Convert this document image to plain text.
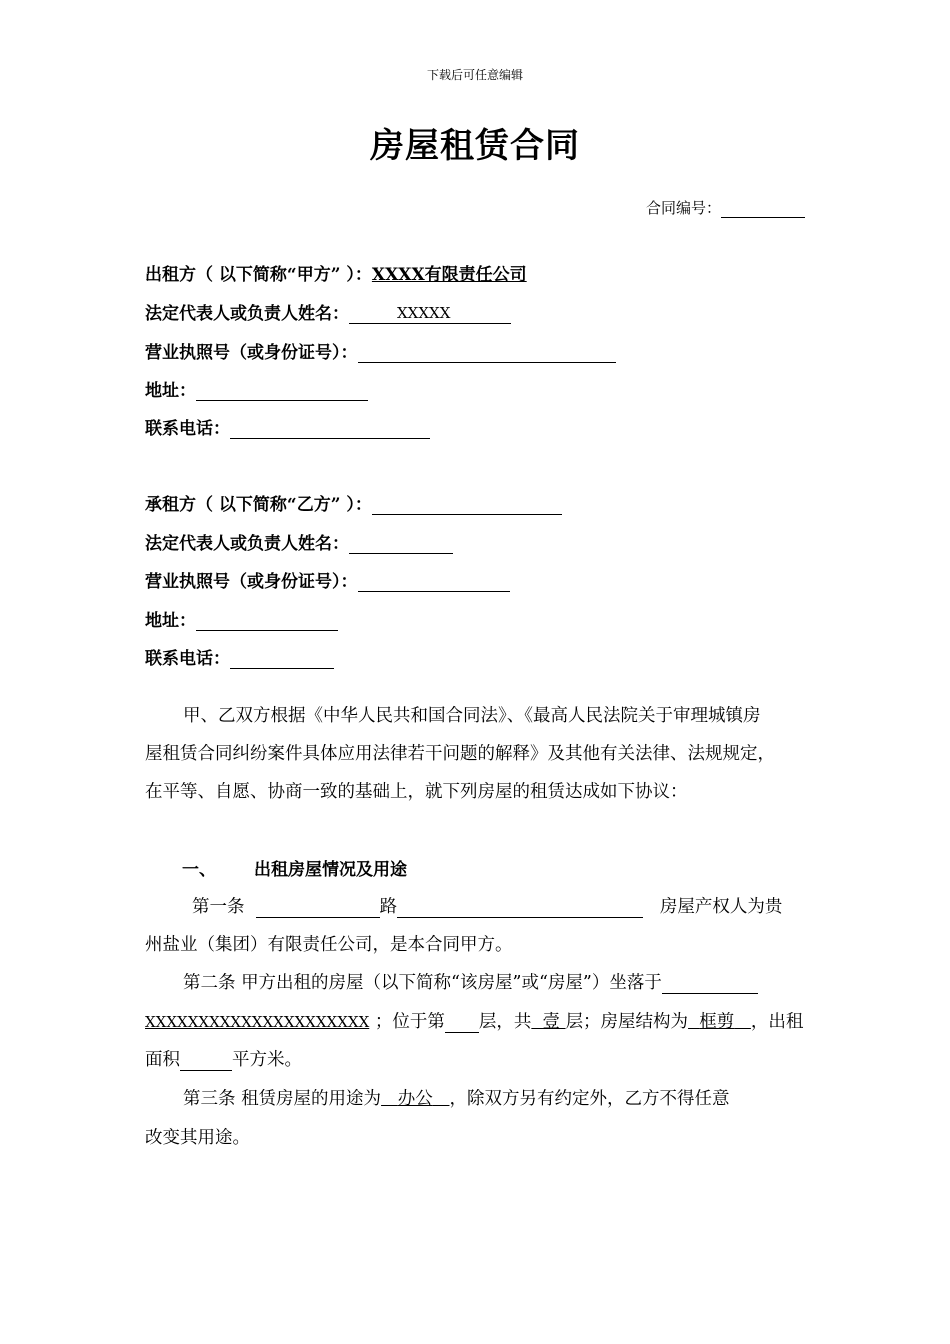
下载后可任意编辑
房屋租赁合同
合同编号：
出租方（ 以下简称“甲方” ）：XXXX有限责任公司
法定代表人或负责人姓名：	XXXXX
营业执照号（或身份证号）：
地址：
联系电话：
承租方（ 以下简称“乙方” ）：
法定代表人或负责人姓名：
营业执照号（或身份证号）：
地址：
联系电话：
甲、乙双方根据《中华人民共和国合同法》、《最高人民法院关于审理城镇房
屋租赁合同纠纷案件具体应用法律若干问题的解释》及其他有关法律、法规规定，
在平等、自愿、协商一致的基础上，就下列房屋的租赁达成如下协议：
一、 出租房屋情况及用途
第一条	路	房屋产权人为贵
州盐业（集团）有限责任公司，是本合同甲方。
第二条 甲方出租的房屋（以下简称“该房屋”或“房屋”）坐落于
XXXXXXXXXXXXXXXXXXXXX ；位于第 层，共 壹 层；房屋结构为 框剪 ，出租
面积	平方米。
第三条 租赁房屋的用途为 办公 ，除双方另有约定外，乙方不得任意
改变其用途。
